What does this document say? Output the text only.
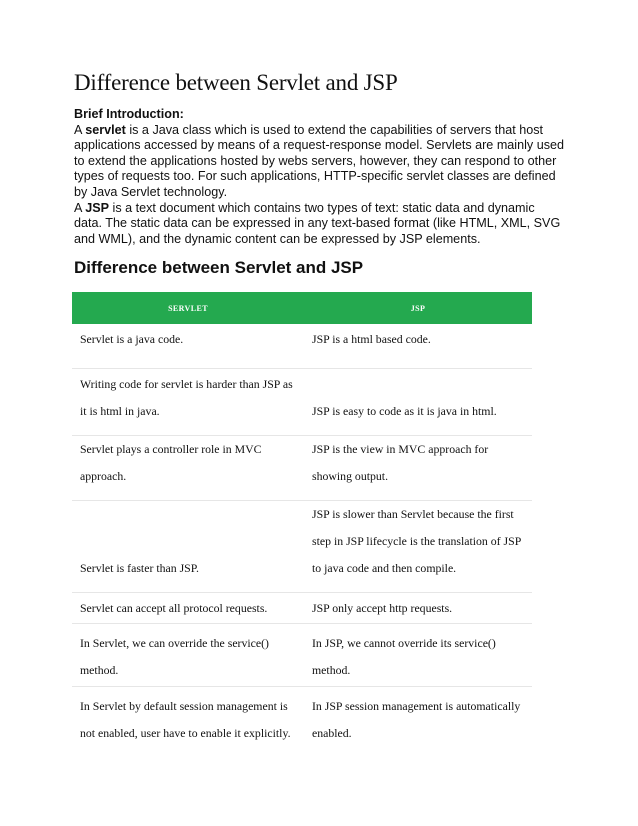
Difference between Servlet and JSP

Brief Introduction:

A servlet is a Java class which is used to extend the capabilities of servers that host applications accessed by means of a request-response model. Servlets are mainly used to extend the applications hosted by webs servers, however, they can respond to other types of requests too. For such applications, HTTP-specific servlet classes are defined by Java Servlet technology.

A JSP is a text document which contains two types of text: static data and dynamic data. The static data can be expressed in any text-based format (like HTML, XML, SVG and WML), and the dynamic content can be expressed by JSP elements.

Difference between Servlet and JSP
SERVLET	JSP
Servlet is a java code.	JSP is a html based code.
Writing code for servlet is harder than JSP as it is html in java.	JSP is easy to code as it is java in html.
Servlet plays a controller role in MVC approach.	JSP is the view in MVC approach for showing output.
Servlet is faster than JSP.	JSP is slower than Servlet because the first step in JSP lifecycle is the translation of JSP to java code and then compile.
Servlet can accept all protocol requests.	JSP only accept http requests.
In Servlet, we can override the service() method.	In JSP, we cannot override its service() method.
In Servlet by default session management is not enabled, user have to enable it explicitly.	In JSP session management is automatically enabled.
